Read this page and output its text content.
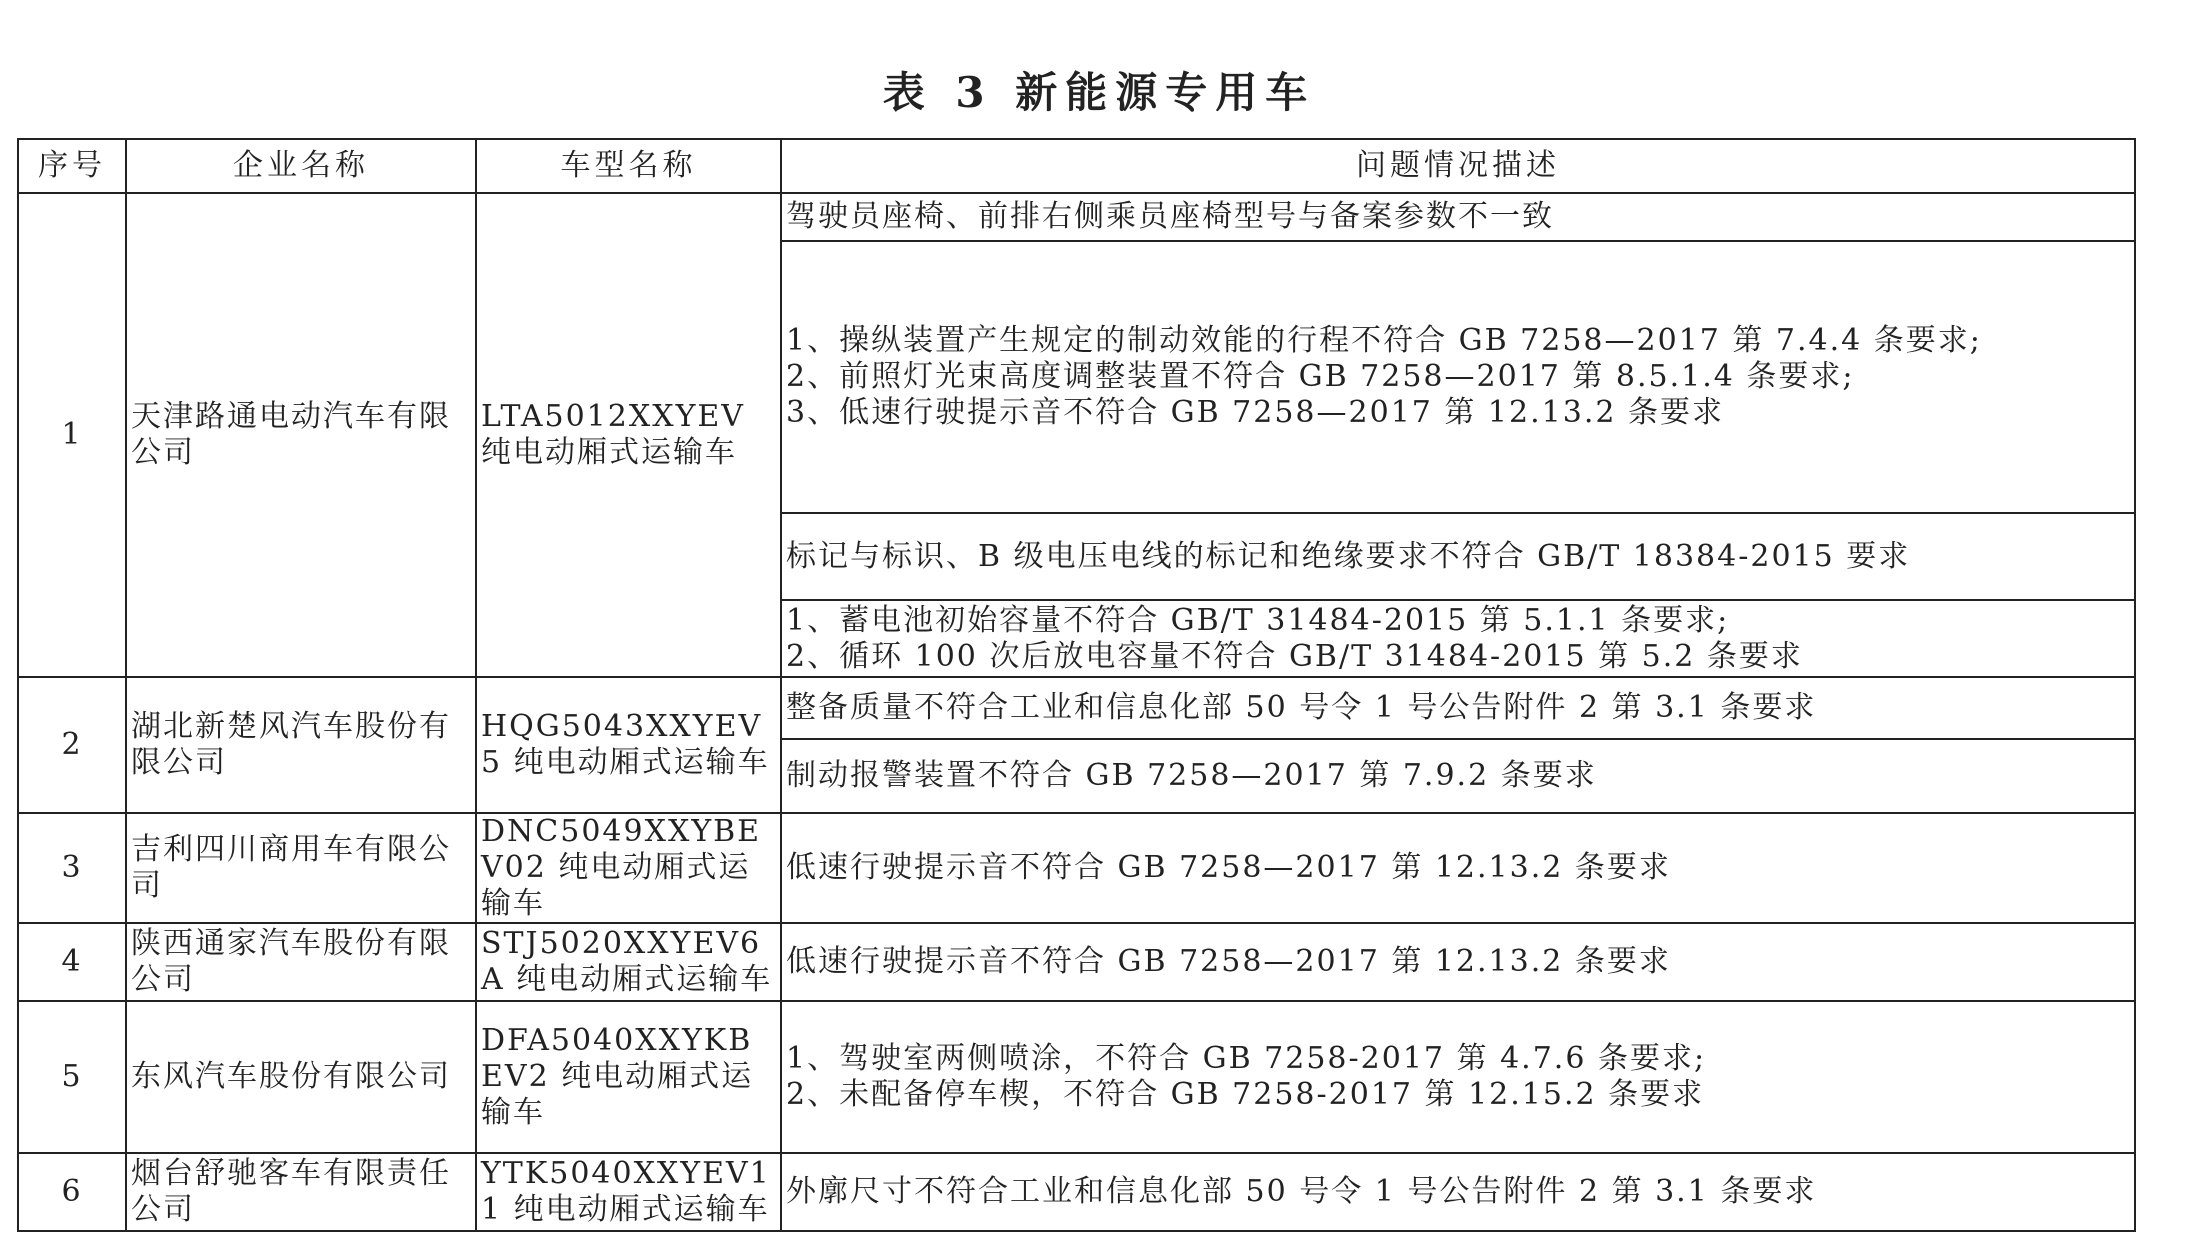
表 3 新能源专用车
序号	企业名称	车型名称	问题情况描述
1	天津路通电动汽车有限公司	LTA5012XXYEV 纯电动厢式运输车	驾驶员座椅、前排右侧乘员座椅型号与备案参数不一致

			1、操纵装置产生规定的制动效能的行程不符合 GB 7258—2017 第 7.4.4 条要求;
2、前照灯光束高度调整装置不符合 GB 7258—2017 第 8.5.1.4 条要求;
3、低速行驶提示音不符合 GB 7258—2017 第 12.13.2 条要求

			标记与标识、B 级电压电线的标记和绝缘要求不符合 GB/T 18384-2015 要求

			1、蓄电池初始容量不符合 GB/T 31484-2015 第 5.1.1 条要求;
2、循环 100 次后放电容量不符合 GB/T 31484-2015 第 5.2 条要求

2	湖北新楚风汽车股份有限公司	HQG5043XXYEV5 纯电动厢式运输车	整备质量不符合工业和信息化部 50 号令 1 号公告附件 2 第 3.1 条要求

			制动报警装置不符合 GB 7258—2017 第 7.9.2 条要求

3	吉利四川商用车有限公司	DNC5049XXYBEV02 纯电动厢式运输车	低速行驶提示音不符合 GB 7258—2017 第 12.13.2 条要求

4	陕西通家汽车股份有限公司	STJ5020XXYEV6A 纯电动厢式运输车	低速行驶提示音不符合 GB 7258—2017 第 12.13.2 条要求

5	东风汽车股份有限公司	DFA5040XXYKBEV2 纯电动厢式运输车	1、驾驶室两侧喷涂，不符合 GB 7258-2017 第 4.7.6 条要求;
2、未配备停车楔，不符合 GB 7258-2017 第 12.15.2 条要求

6	烟台舒驰客车有限责任公司	YTK5040XXYEV11 纯电动厢式运输车	外廓尺寸不符合工业和信息化部 50 号令 1 号公告附件 2 第 3.1 条要求
